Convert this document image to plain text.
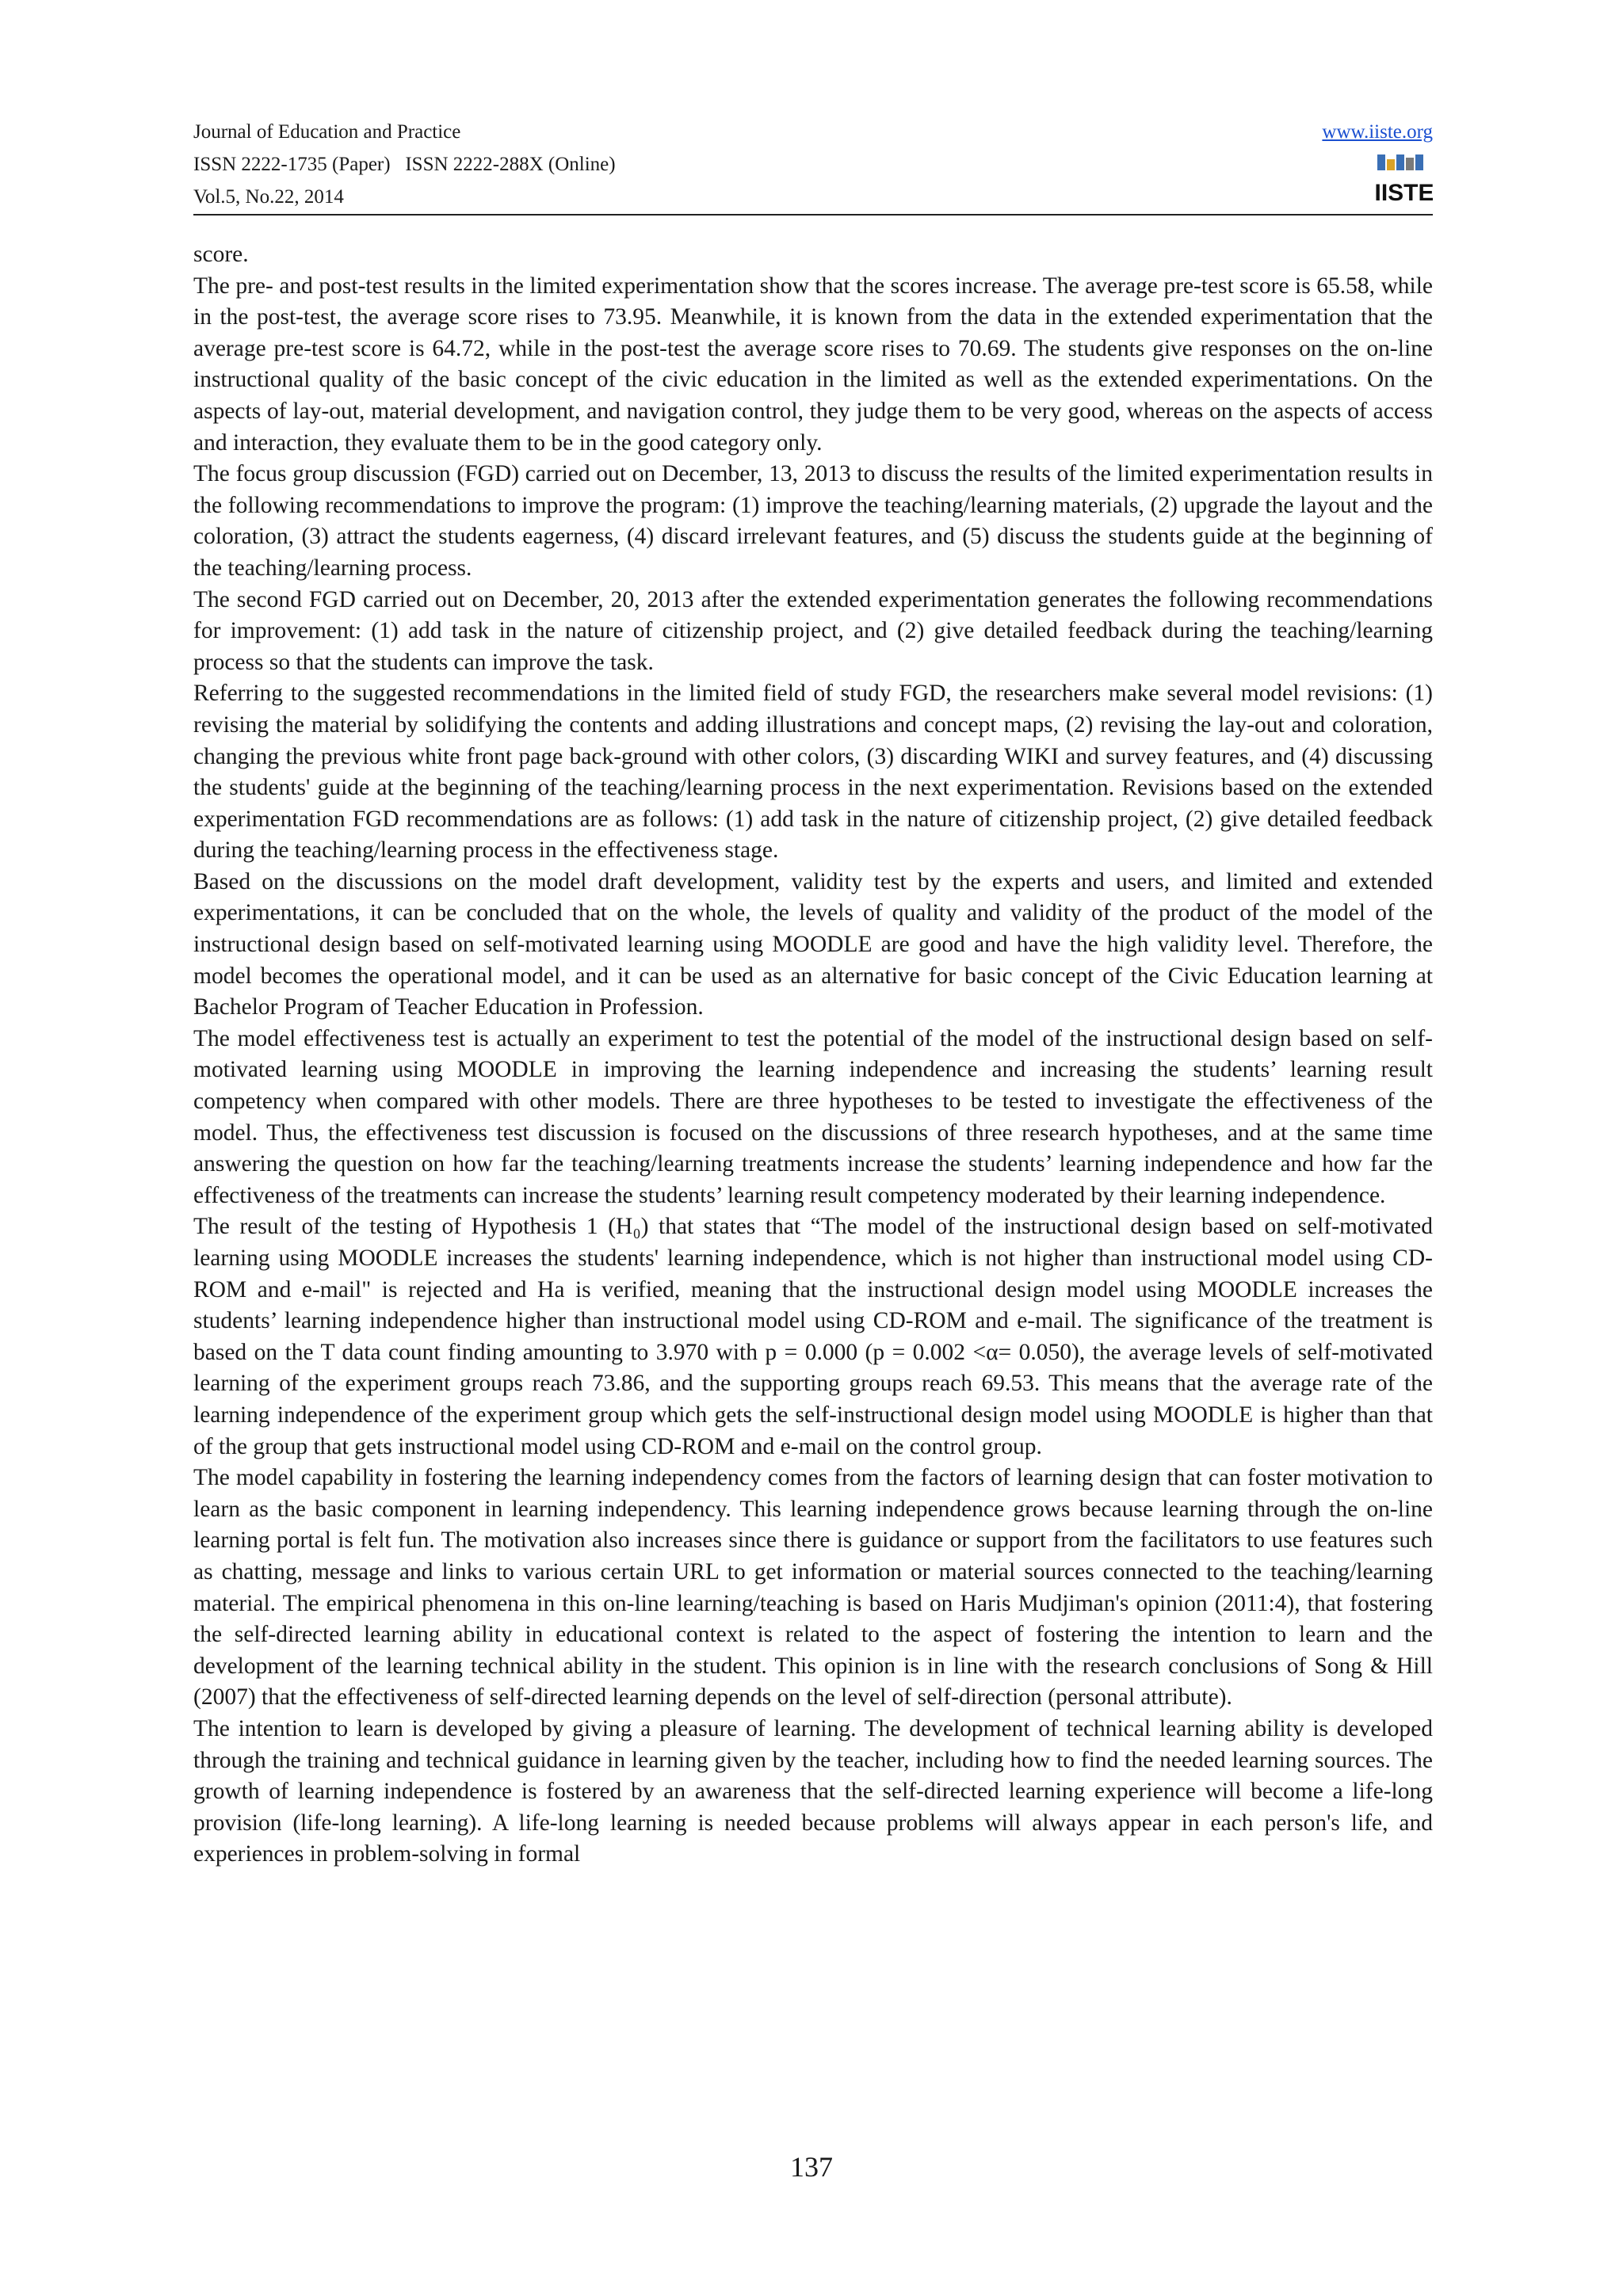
Journal of Education and Practice
ISSN 2222-1735 (Paper)   ISSN 2222-288X (Online)
Vol.5, No.22, 2014
www.iiste.org
IISTE

score.

The pre- and post-test results in the limited experimentation show that the scores increase. The average pre-test score is 65.58, while in the post-test, the average score rises to 73.95. Meanwhile, it is known from the data in the extended experimentation that the average pre-test score is 64.72, while in the post-test the average score rises to 70.69. The students give responses on the on-line instructional quality of the basic concept of the civic education in the limited as well as the extended experimentations. On the aspects of lay-out, material development, and navigation control, they judge them to be very good, whereas on the aspects of access and interaction, they evaluate them to be in the good category only.

The focus group discussion (FGD) carried out on December, 13, 2013 to discuss the results of the limited experimentation results in the following recommendations to improve the program: (1) improve the teaching/learning materials, (2) upgrade the layout and the coloration, (3) attract the students eagerness, (4) discard irrelevant features, and (5) discuss the students guide at the beginning of the teaching/learning process.

The second FGD carried out on December, 20, 2013 after the extended experimentation generates the following recommendations for improvement: (1) add task in the nature of citizenship project, and (2) give detailed feedback during the teaching/learning process so that the students can improve the task.

Referring to the suggested recommendations in the limited field of study FGD, the researchers make several model revisions: (1) revising the material by solidifying the contents and adding illustrations and concept maps, (2) revising the lay-out and coloration, changing the previous white front page back-ground with other colors, (3) discarding WIKI and survey features, and (4) discussing the students' guide at the beginning of the teaching/learning process in the next experimentation. Revisions based on the extended experimentation FGD recommendations are as follows: (1) add task in the nature of citizenship project, (2) give detailed feedback during the teaching/learning process in the effectiveness stage.

Based on the discussions on the model draft development, validity test by the experts and users, and limited and extended experimentations, it can be concluded that on the whole, the levels of quality and validity of the product of the model of the instructional design based on self-motivated learning using MOODLE are good and have the high validity level. Therefore, the model becomes the operational model, and it can be used as an alternative for basic concept of the Civic Education learning at Bachelor Program of Teacher Education in Profession.

The model effectiveness test is actually an experiment to test the potential of the model of the instructional design based on self-motivated learning using MOODLE in improving the learning independence and increasing the students’ learning result competency when compared with other models. There are three hypotheses to be tested to investigate the effectiveness of the model. Thus, the effectiveness test discussion is focused on the discussions of three research hypotheses, and at the same time answering the question on how far the teaching/learning treatments increase the students’ learning independence and how far the effectiveness of the treatments can increase the students’ learning result competency moderated by their learning independence.

The result of the testing of Hypothesis 1 (H₀) that states that “The model of the instructional design based on self-motivated learning using MOODLE increases the students' learning independence, which is not higher than instructional model using CD-ROM and e-mail" is rejected and Ha is verified, meaning that the instructional design model using MOODLE increases the students’ learning independence higher than instructional model using CD-ROM and e-mail. The significance of the treatment is based on the T data count finding amounting to 3.970 with p = 0.000 (p = 0.002 <α= 0.050), the average levels of self-motivated learning of the experiment groups reach 73.86, and the supporting groups reach 69.53. This means that the average rate of the learning independence of the experiment group which gets the self-instructional design model using MOODLE is higher than that of the group that gets instructional model using CD-ROM and e-mail on the control group.

The model capability in fostering the learning independency comes from the factors of learning design that can foster motivation to learn as the basic component in learning independency. This learning independence grows because learning through the on-line learning portal is felt fun. The motivation also increases since there is guidance or support from the facilitators to use features such as chatting, message and links to various certain URL to get information or material sources connected to the teaching/learning material. The empirical phenomena in this on-line learning/teaching is based on Haris Mudjiman's opinion (2011:4), that fostering the self-directed learning ability in educational context is related to the aspect of fostering the intention to learn and the development of the learning technical ability in the student. This opinion is in line with the research conclusions of Song & Hill (2007) that the effectiveness of self-directed learning depends on the level of self-direction (personal attribute).

The intention to learn is developed by giving a pleasure of learning. The development of technical learning ability is developed through the training and technical guidance in learning given by the teacher, including how to find the needed learning sources. The growth of learning independence is fostered by an awareness that the self-directed learning experience will become a life-long provision (life-long learning). A life-long learning is needed because problems will always appear in each person's life, and experiences in problem-solving in formal

137
